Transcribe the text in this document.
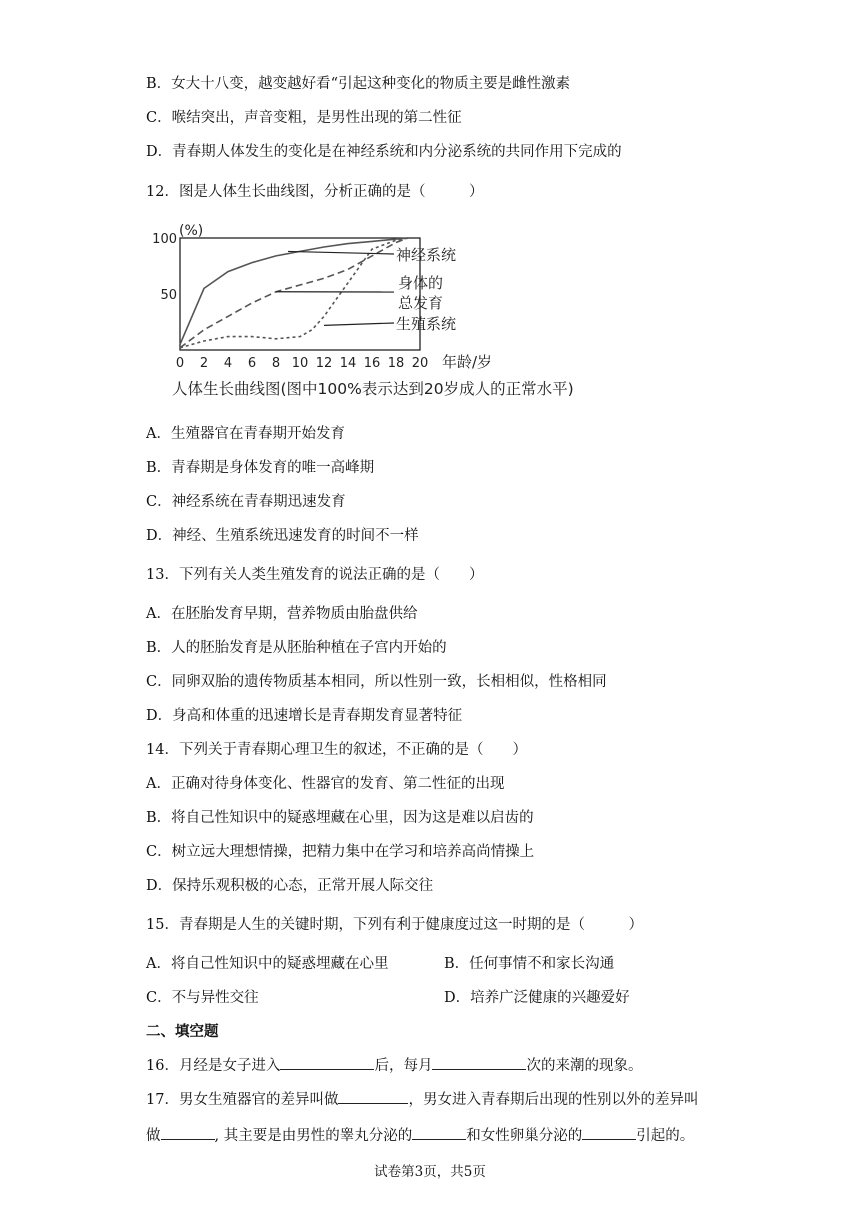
B．女大十八变，越变越好看“引起这种变化的物质主要是雌性激素
C．喉结突出，声音变粗，是男性出现的第二性征
D．青春期人体发生的变化是在神经系统和内分泌系统的共同作用下完成的
12．图是人体生长曲线图，分析正确的是（　　　）
0 2 4 6 8 10 12 14 16 18 20
50
100
(%)
年龄/岁
神经系统
身体的
总发育
生殖系统
人体生长曲线图(图中100%表示达到20岁成人的正常水平)
A．生殖器官在青春期开始发育
B．青春期是身体发育的唯一高峰期
C．神经系统在青春期迅速发育
D．神经、生殖系统迅速发育的时间不一样
13．下列有关人类生殖发育的说法正确的是（　　）
A．在胚胎发育早期，营养物质由胎盘供给
B．人的胚胎发育是从胚胎种植在子宫内开始的
C．同卵双胎的遗传物质基本相同，所以性别一致，长相相似，性格相同
D．身高和体重的迅速增长是青春期发育显著特征
14．下列关于青春期心理卫生的叙述，不正确的是（　　）
A．正确对待身体变化、性器官的发育、第二性征的出现
B．将自己性知识中的疑惑埋藏在心里，因为这是难以启齿的
C．树立远大理想情操，把精力集中在学习和培养高尚情操上
D．保持乐观积极的心态，正常开展人际交往
15．青春期是人生的关键时期，下列有利于健康度过这一时期的是（　　　）
A．将自己性知识中的疑惑埋藏在心里	B．任何事情不和家长沟通
C．不与异性交往	D．培养广泛健康的兴趣爱好
二、填空题
16．月经是女子进入	后，每月	次的来潮的现象。
17．男女生殖器官的差异叫做	，男女进入青春期后出现的性别以外的差异叫
做	, 其主要是由男性的睾丸分泌的	和女性卵巢分泌的	引起的。
试卷第3页，共5页
